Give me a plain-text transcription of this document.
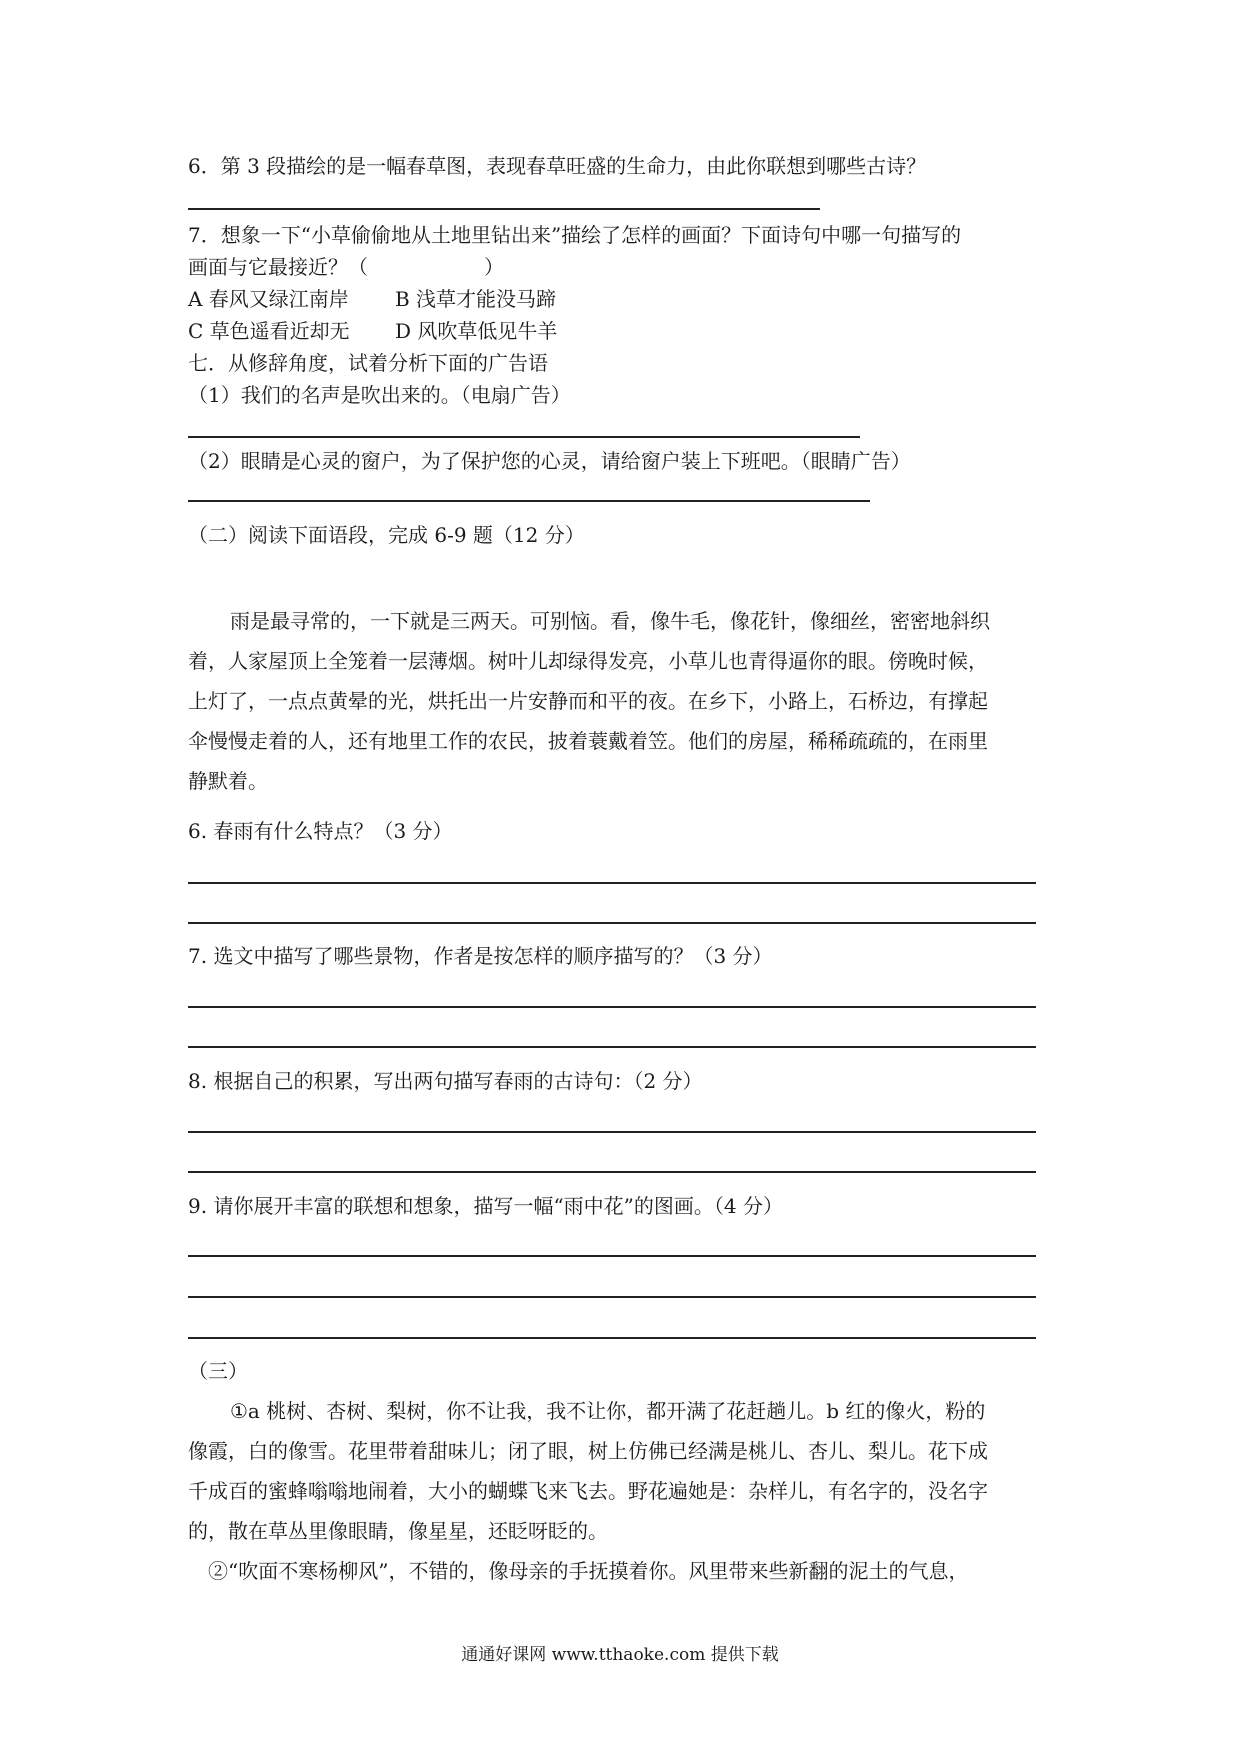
6．第 3 段描绘的是一幅春草图，表现春草旺盛的生命力，由此你联想到哪些古诗？
7．想象一下“小草偷偷地从土地里钻出来”描绘了怎样的画面？下面诗句中哪一句描写的
画面与它最接近？（	）
A 春风又绿江南岸 B 浅草才能没马蹄
C 草色遥看近却无 D 风吹草低见牛羊
七．从修辞角度，试着分析下面的广告语
（1）我们的名声是吹出来的。（电扇广告）
（2）眼睛是心灵的窗户，为了保护您的心灵，请给窗户装上下班吧。（眼睛广告）
（二）阅读下面语段，完成 6-9 题（12 分）
雨是最寻常的，一下就是三两天。可别恼。看，像牛毛，像花针，像细丝，密密地斜织
着，人家屋顶上全笼着一层薄烟。树叶儿却绿得发亮，小草儿也青得逼你的眼。傍晚时候，
上灯了，一点点黄晕的光，烘托出一片安静而和平的夜。在乡下，小路上，石桥边，有撑起
伞慢慢走着的人，还有地里工作的农民，披着蓑戴着笠。他们的房屋，稀稀疏疏的，在雨里
静默着。
6. 春雨有什么特点？（3 分）
7. 选文中描写了哪些景物，作者是按怎样的顺序描写的？（3 分）
8. 根据自己的积累，写出两句描写春雨的古诗句：（2 分）
9. 请你展开丰富的联想和想象，描写一幅“雨中花”的图画。（4 分）
（三）
①a 桃树、杏树、梨树，你不让我，我不让你，都开满了花赶趟儿。b 红的像火，粉的
像霞，白的像雪。花里带着甜味儿；闭了眼，树上仿佛已经满是桃儿、杏儿、梨儿。花下成
千成百的蜜蜂嗡嗡地闹着，大小的蝴蝶飞来飞去。野花遍她是：杂样儿，有名字的，没名字
的，散在草丛里像眼睛，像星星，还眨呀眨的。
②“吹面不寒杨柳风”，不错的，像母亲的手抚摸着你。风里带来些新翻的泥土的气息，
通通好课网 www.tthaoke.com 提供下载
